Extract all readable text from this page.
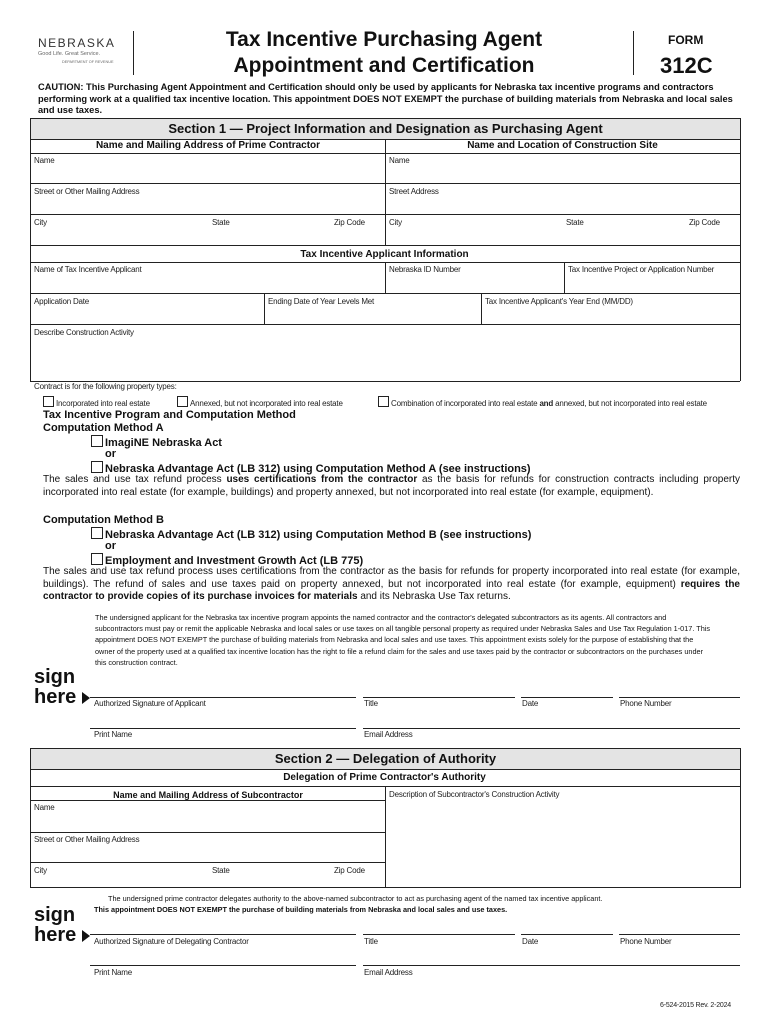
NEBRASKA
Good Life. Great Service.
DEPARTMENT OF REVENUE
Tax Incentive Purchasing Agent
Appointment and Certification
FORM
312C
CAUTION: This Purchasing Agent Appointment and Certification should only be used by applicants for Nebraska tax incentive programs and contractors performing work at a qualified tax incentive location. This appointment DOES NOT EXEMPT the purchase of building materials from Nebraska and local sales and use taxes.
Section 1 — Project Information and Designation as Purchasing Agent
Name and Mailing Address of Prime Contractor	Name and Location of Construction Site
Name	Name
Street or Other Mailing Address	Street Address
City	State	Zip Code	City	State	Zip Code
Tax Incentive Applicant Information
Name of Tax Incentive Applicant	Nebraska ID Number	Tax Incentive Project or Application Number
Application Date	Ending Date of Year Levels Met	Tax Incentive Applicant's Year End (MM/DD)
Describe Construction Activity
Contract is for the following property types:
Incorporated into real estate	Annexed, but not incorporated into real estate	Combination of incorporated into real estate and annexed, but not incorporated into real estate
Tax Incentive Program and Computation Method
Computation Method A
ImagiNE Nebraska Act
or
Nebraska Advantage Act (LB 312) using Computation Method A (see instructions)
The sales and use tax refund process uses certifications from the contractor as the basis for refunds for construction contracts including property incorporated into real estate (for example, buildings) and property annexed, but not incorporated into real estate (for example, equipment).
Computation Method B
Nebraska Advantage Act (LB 312) using Computation Method B (see instructions)
or
Employment and Investment Growth Act (LB 775)
The sales and use tax refund process uses certifications from the contractor as the basis for refunds for property incorporated into real estate (for example, buildings). The refund of sales and use taxes paid on property annexed, but not incorporated into real estate (for example, equipment) requires the contractor to provide copies of its purchase invoices for materials and its Nebraska Use Tax returns.
The undersigned applicant for the Nebraska tax incentive program appoints the named contractor and the contractor's delegated subcontractors as its agents. All contractors and subcontractors must pay or remit the applicable Nebraska and local sales or use taxes on all tangible personal property as required under Nebraska Sales and Use Tax Regulation 1-017. This appointment DOES NOT EXEMPT the purchase of building materials from Nebraska and local sales and use taxes. This appointment exists solely for the purpose of establishing that the owner of the property used at a qualified tax incentive location has the right to file a refund claim for the sales and use taxes paid by the contractor or subcontractors on the purchases under this construction contract.
sign
here Authorized Signature of Applicant	Title	Date	Phone Number
Print Name	Email Address
Section 2 — Delegation of Authority
Delegation of Prime Contractor's Authority
Name and Mailing Address of Subcontractor	Description of Subcontractor's Construction Activity
Name
Street or Other Mailing Address
City	State	Zip Code
The undersigned prime contractor delegates authority to the above-named subcontractor to act as purchasing agent of the named tax incentive applicant.
This appointment DOES NOT EXEMPT the purchase of building materials from Nebraska and local sales and use taxes.
sign
here Authorized Signature of Delegating Contractor	Title	Date	Phone Number
Print Name	Email Address
6-524-2015 Rev. 2-2024
